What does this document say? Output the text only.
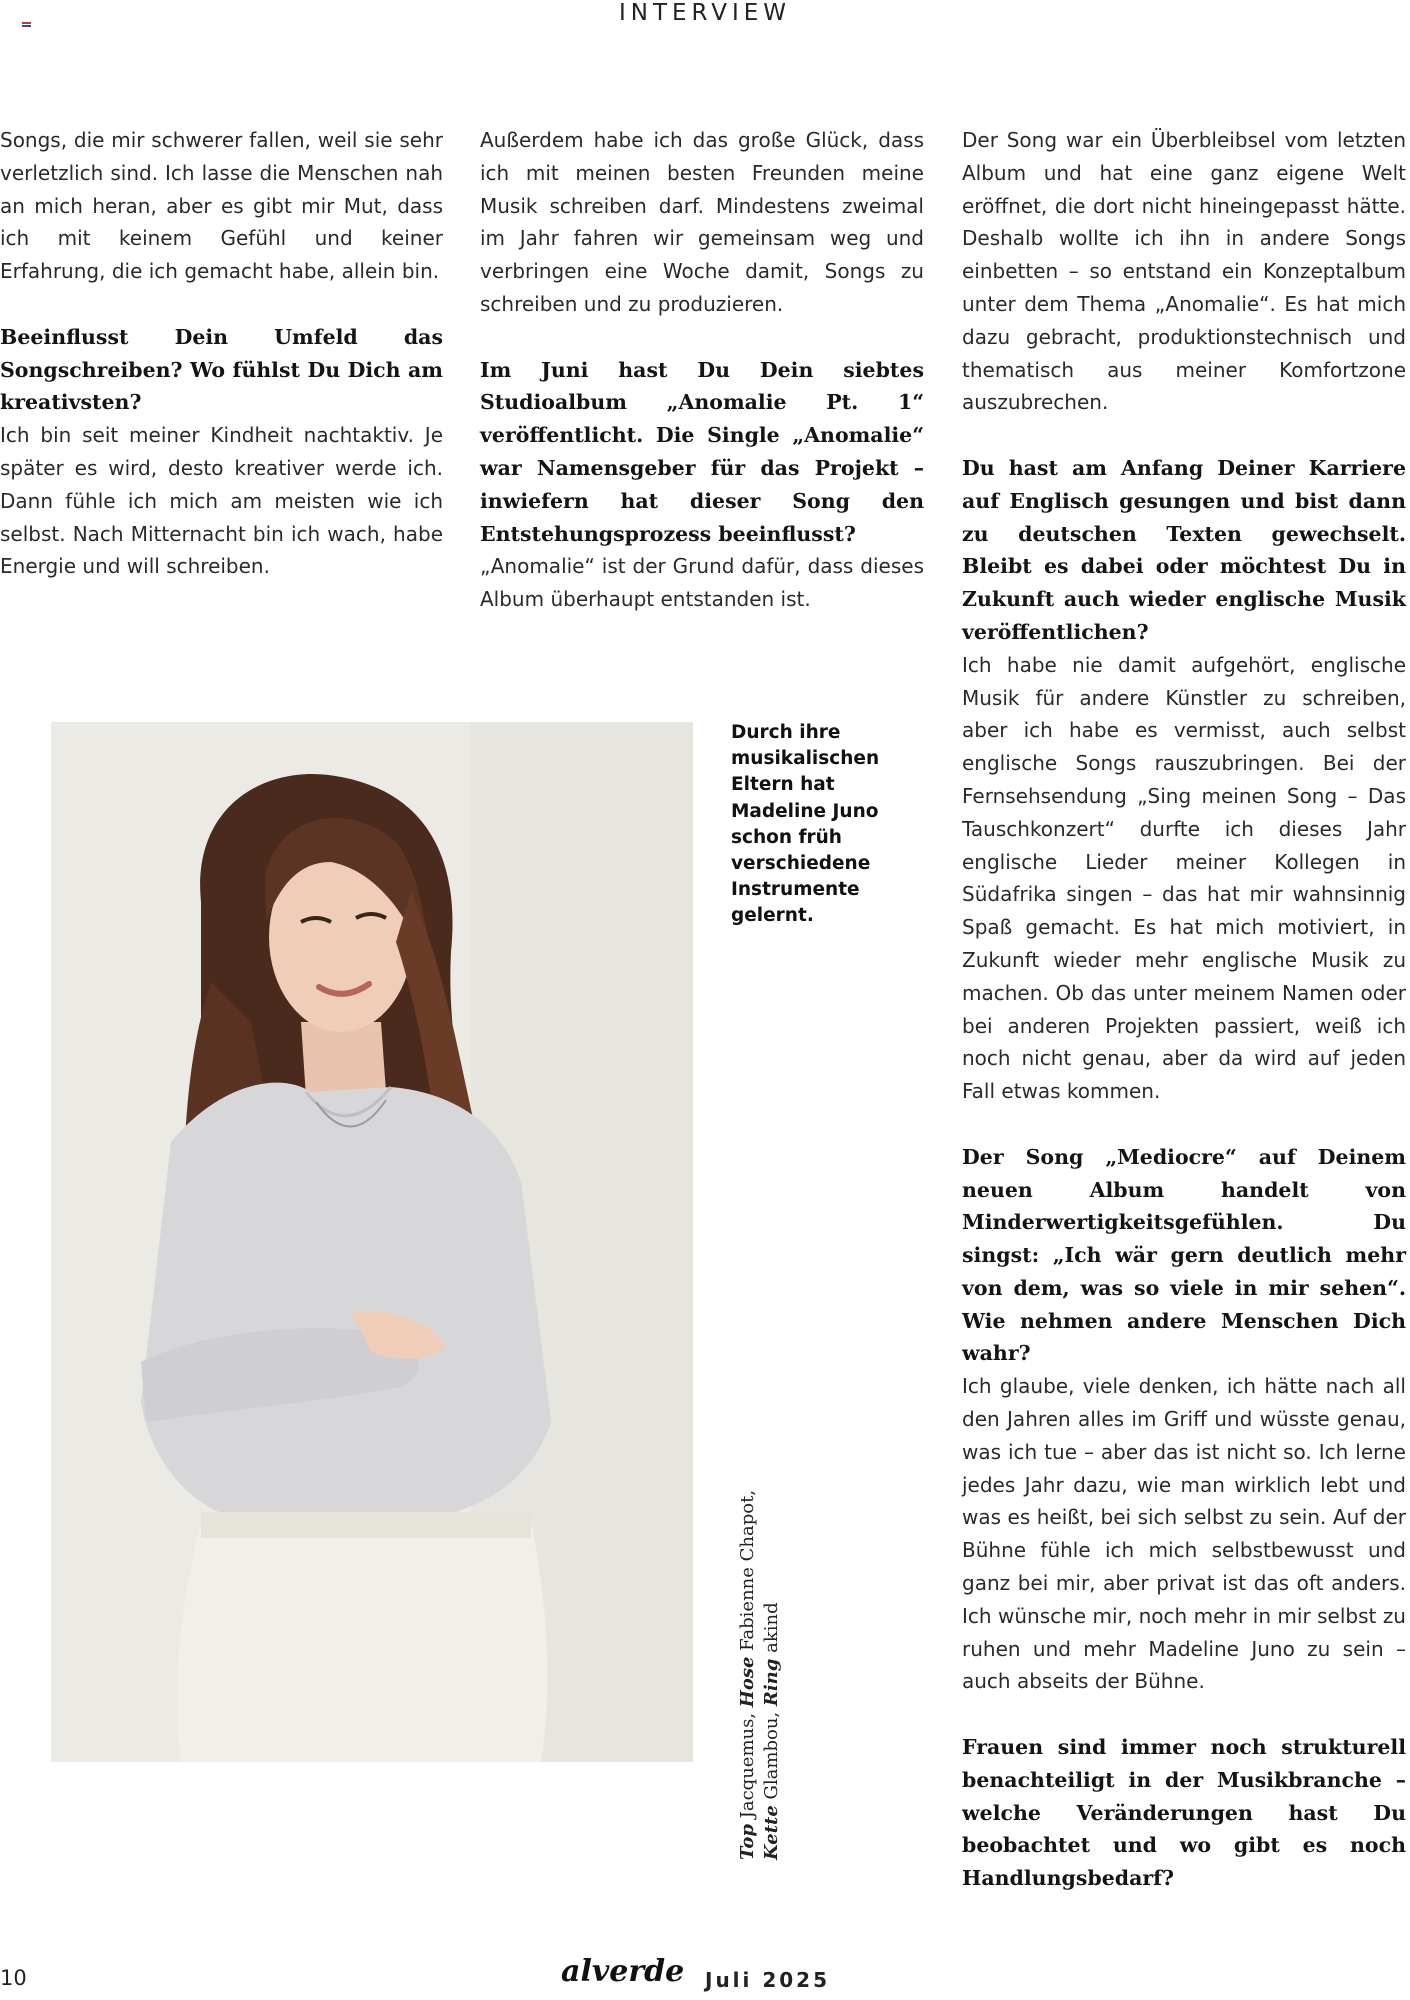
INTERVIEW

Songs, die mir schwerer fallen, weil sie sehr verletzlich sind. Ich lasse die Menschen nah an mich heran, aber es gibt mir Mut, dass ich mit keinem Gefühl und keiner Erfahrung, die ich gemacht habe, allein bin.

Beeinflusst Dein Umfeld das Songschreiben? Wo fühlst Du Dich am kreativsten?

Ich bin seit meiner Kindheit nachtaktiv. Je später es wird, desto kreativer werde ich. Dann fühle ich mich am meisten wie ich selbst. Nach Mitternacht bin ich wach, habe Energie und will schreiben.

Außerdem habe ich das große Glück, dass ich mit meinen besten Freunden meine Musik schreiben darf. Mindestens zweimal im Jahr fahren wir gemeinsam weg und verbringen eine Woche damit, Songs zu schreiben und zu produzieren.

Im Juni hast Du Dein siebtes Studioalbum „Anomalie Pt. 1“ veröffentlicht. Die Single „Anomalie“ war Namensgeber für das Projekt – inwiefern hat dieser Song den Entstehungsprozess beeinflusst?

„Anomalie“ ist der Grund dafür, dass dieses Album überhaupt entstanden ist.

Der Song war ein Überbleibsel vom letzten Album und hat eine ganz eigene Welt eröffnet, die dort nicht hineingepasst hätte. Deshalb wollte ich ihn in andere Songs einbetten – so entstand ein Konzeptalbum unter dem Thema „Anomalie“. Es hat mich dazu gebracht, produktionstechnisch und thematisch aus meiner Komfortzone auszubrechen.

Du hast am Anfang Deiner Karriere auf Englisch gesungen und bist dann zu deutschen Texten gewechselt. Bleibt es dabei oder möchtest Du in Zukunft auch wieder englische Musik veröffentlichen?

Ich habe nie damit aufgehört, englische Musik für andere Künstler zu schreiben, aber ich habe es vermisst, auch selbst englische Songs rauszubringen. Bei der Fernsehsendung „Sing meinen Song – Das Tauschkonzert“ durfte ich dieses Jahr englische Lieder meiner Kollegen in Südafrika singen – das hat mir wahnsinnig Spaß gemacht. Es hat mich motiviert, in Zukunft wieder mehr englische Musik zu machen. Ob das unter meinem Namen oder bei anderen Projekten passiert, weiß ich noch nicht genau, aber da wird auf jeden Fall etwas kommen.

Der Song „Mediocre“ auf Deinem neuen Album handelt von Minderwertigkeitsgefühlen. Du singst: „Ich wär gern deutlich mehr von dem, was so viele in mir sehen“. Wie nehmen andere Menschen Dich wahr?

Ich glaube, viele denken, ich hätte nach all den Jahren alles im Griff und wüsste genau, was ich tue – aber das ist nicht so. Ich lerne jedes Jahr dazu, wie man wirklich lebt und was es heißt, bei sich selbst zu sein. Auf der Bühne fühle ich mich selbstbewusst und ganz bei mir, aber privat ist das oft anders. Ich wünsche mir, noch mehr in mir selbst zu ruhen und mehr Madeline Juno zu sein – auch abseits der Bühne.

Frauen sind immer noch strukturell benachteiligt in der Musikbranche – welche Veränderungen hast Du beobachtet und wo gibt es noch Handlungsbedarf?

Durch ihre musikalischen Eltern hat Madeline Juno schon früh verschiedene Instrumente gelernt.
Top Jacquemus, Hose Fabienne Chapot,
Kette Glambou, Ring akind
10	alverde Juli 2025
